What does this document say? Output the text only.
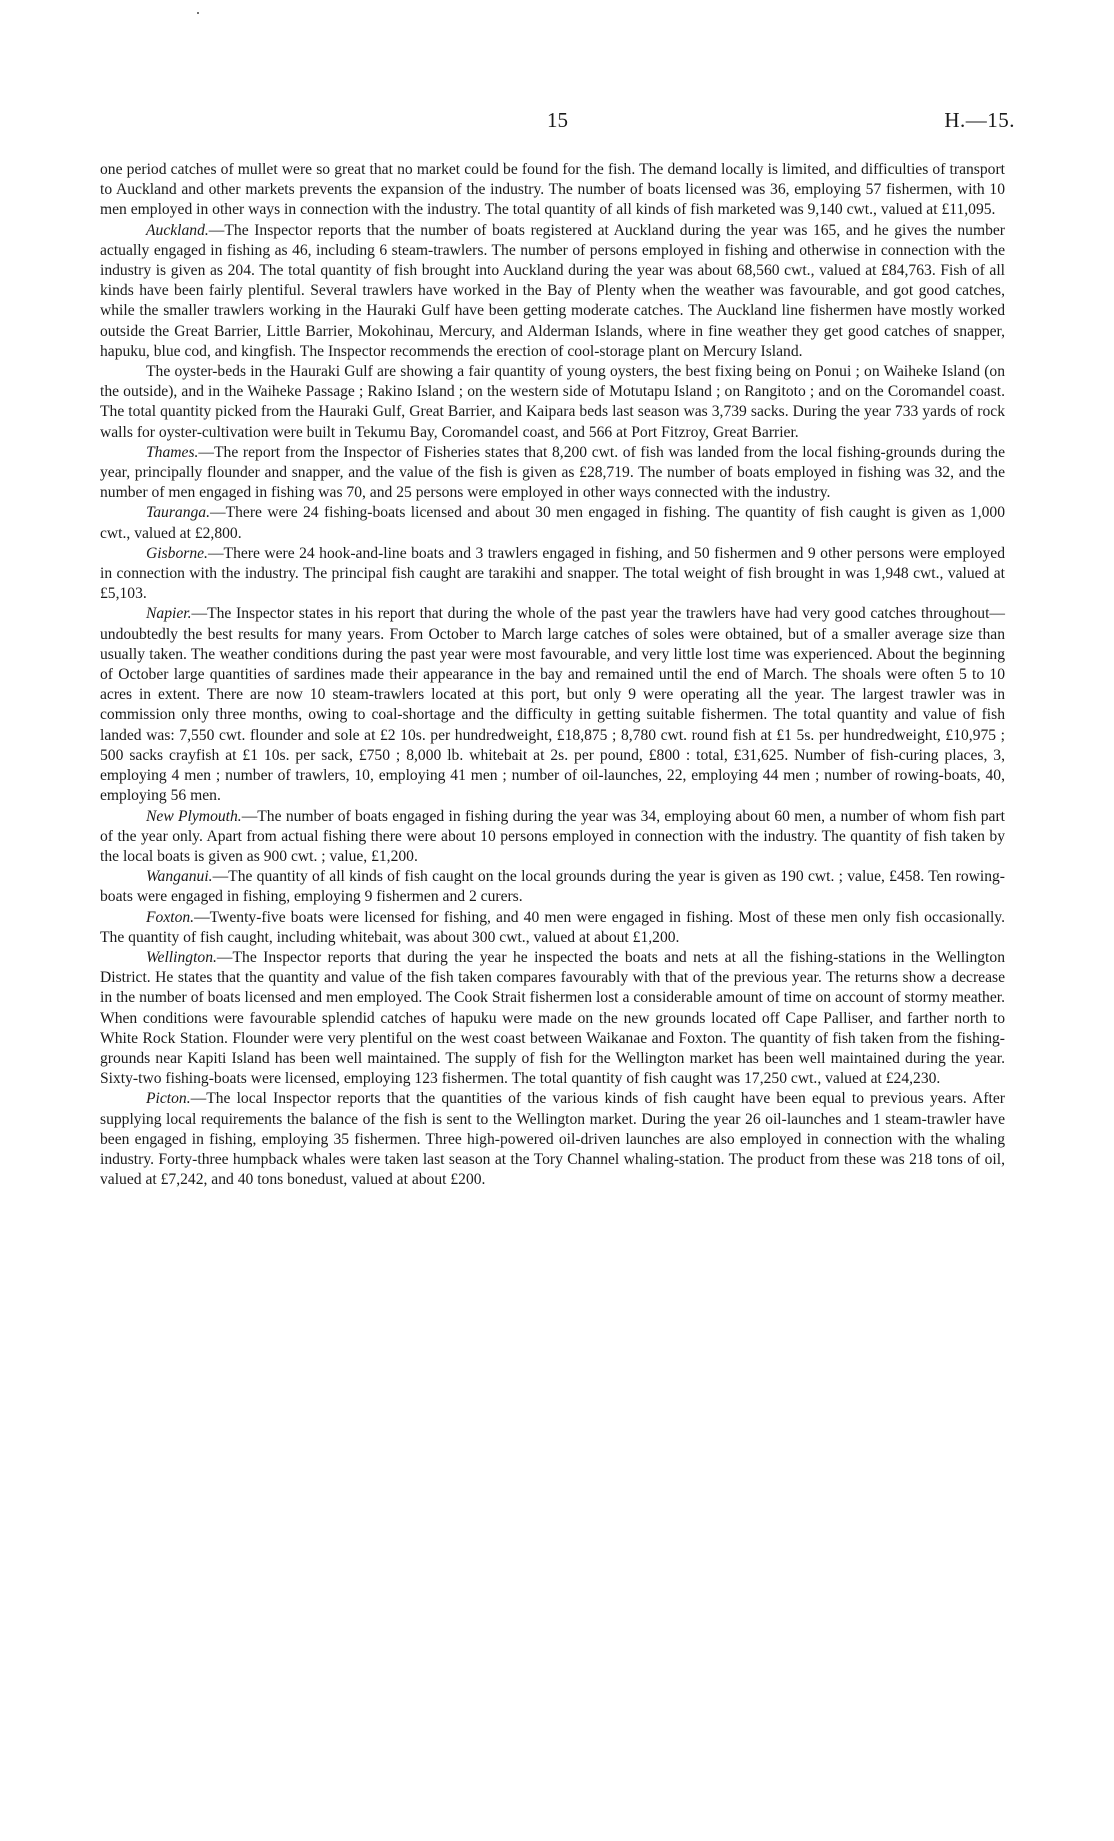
15	H.—15.

one period catches of mullet were so great that no market could be found for the fish. The demand locally is limited, and difficulties of transport to Auckland and other markets prevents the expansion of the industry. The number of boats licensed was 36, employing 57 fishermen, with 10 men employed in other ways in connection with the industry. The total quantity of all kinds of fish marketed was 9,140 cwt., valued at £11,095.

Auckland.—The Inspector reports that the number of boats registered at Auckland during the year was 165, and he gives the number actually engaged in fishing as 46, including 6 steam-trawlers. The number of persons employed in fishing and otherwise in connection with the industry is given as 204. The total quantity of fish brought into Auckland during the year was about 68,560 cwt., valued at £84,763. Fish of all kinds have been fairly plentiful. Several trawlers have worked in the Bay of Plenty when the weather was favourable, and got good catches, while the smaller trawlers working in the Hauraki Gulf have been getting moderate catches. The Auckland line fishermen have mostly worked outside the Great Barrier, Little Barrier, Mokohinau, Mercury, and Alderman Islands, where in fine weather they get good catches of snapper, hapuku, blue cod, and kingfish. The Inspector recommends the erection of cool-storage plant on Mercury Island.

The oyster-beds in the Hauraki Gulf are showing a fair quantity of young oysters, the best fixing being on Ponui ; on Waiheke Island (on the outside), and in the Waiheke Passage ; Rakino Island ; on the western side of Motutapu Island ; on Rangitoto ; and on the Coromandel coast. The total quantity picked from the Hauraki Gulf, Great Barrier, and Kaipara beds last season was 3,739 sacks. During the year 733 yards of rock walls for oyster-cultivation were built in Tekumu Bay, Coromandel coast, and 566 at Port Fitzroy, Great Barrier.

Thames.—The report from the Inspector of Fisheries states that 8,200 cwt. of fish was landed from the local fishing-grounds during the year, principally flounder and snapper, and the value of the fish is given as £28,719. The number of boats employed in fishing was 32, and the number of men engaged in fishing was 70, and 25 persons were employed in other ways connected with the industry.

Tauranga.—There were 24 fishing-boats licensed and about 30 men engaged in fishing. The quantity of fish caught is given as 1,000 cwt., valued at £2,800.

Gisborne.—There were 24 hook-and-line boats and 3 trawlers engaged in fishing, and 50 fishermen and 9 other persons were employed in connection with the industry. The principal fish caught are tarakihi and snapper. The total weight of fish brought in was 1,948 cwt., valued at £5,103.

Napier.—The Inspector states in his report that during the whole of the past year the trawlers have had very good catches throughout—undoubtedly the best results for many years. From October to March large catches of soles were obtained, but of a smaller average size than usually taken. The weather conditions during the past year were most favourable, and very little lost time was experienced. About the beginning of October large quantities of sardines made their appearance in the bay and remained until the end of March. The shoals were often 5 to 10 acres in extent. There are now 10 steam-trawlers located at this port, but only 9 were operating all the year. The largest trawler was in commission only three months, owing to coal-shortage and the difficulty in getting suitable fishermen. The total quantity and value of fish landed was: 7,550 cwt. flounder and sole at £2 10s. per hundredweight, £18,875 ; 8,780 cwt. round fish at £1 5s. per hundredweight, £10,975 ; 500 sacks crayfish at £1 10s. per sack, £750 ; 8,000 lb. whitebait at 2s. per pound, £800 : total, £31,625. Number of fish-curing places, 3, employing 4 men ; number of trawlers, 10, employing 41 men ; number of oil-launches, 22, employing 44 men ; number of rowing-boats, 40, employing 56 men.

New Plymouth.—The number of boats engaged in fishing during the year was 34, employing about 60 men, a number of whom fish part of the year only. Apart from actual fishing there were about 10 persons employed in connection with the industry. The quantity of fish taken by the local boats is given as 900 cwt. ; value, £1,200.

Wanganui.—The quantity of all kinds of fish caught on the local grounds during the year is given as 190 cwt. ; value, £458. Ten rowing-boats were engaged in fishing, employing 9 fishermen and 2 curers.

Foxton.—Twenty-five boats were licensed for fishing, and 40 men were engaged in fishing. Most of these men only fish occasionally. The quantity of fish caught, including whitebait, was about 300 cwt., valued at about £1,200.

Wellington.—The Inspector reports that during the year he inspected the boats and nets at all the fishing-stations in the Wellington District. He states that the quantity and value of the fish taken compares favourably with that of the previous year. The returns show a decrease in the number of boats licensed and men employed. The Cook Strait fishermen lost a considerable amount of time on account of stormy meather. When conditions were favourable splendid catches of hapuku were made on the new grounds located off Cape Palliser, and farther north to White Rock Station. Flounder were very plentiful on the west coast between Waikanae and Foxton. The quantity of fish taken from the fishing-grounds near Kapiti Island has been well maintained. The supply of fish for the Wellington market has been well maintained during the year. Sixty-two fishing-boats were licensed, employing 123 fishermen. The total quantity of fish caught was 17,250 cwt., valued at £24,230.

Picton.—The local Inspector reports that the quantities of the various kinds of fish caught have been equal to previous years. After supplying local requirements the balance of the fish is sent to the Wellington market. During the year 26 oil-launches and 1 steam-trawler have been engaged in fishing, employing 35 fishermen. Three high-powered oil-driven launches are also employed in connection with the whaling industry. Forty-three humpback whales were taken last season at the Tory Channel whaling-station. The product from these was 218 tons of oil, valued at £7,242, and 40 tons bonedust, valued at about £200.
